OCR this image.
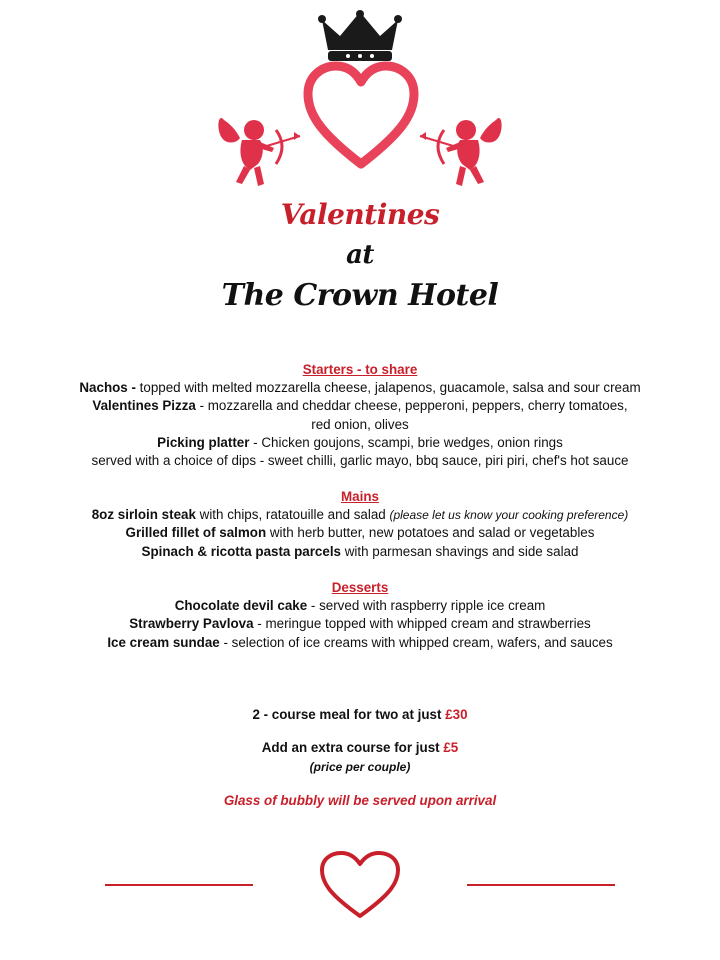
Valentines
at
The Crown Hotel

Starters - to share

Nachos - topped with melted mozzarella cheese, jalapenos, guacamole, salsa and sour cream

Valentines Pizza - mozzarella and cheddar cheese, pepperoni, peppers, cherry tomatoes,

red onion, olives

Picking platter - Chicken goujons, scampi, brie wedges, onion rings

served with a choice of dips - sweet chilli, garlic mayo, bbq sauce, piri piri, chef's hot sauce

Mains

8oz sirloin steak with chips, ratatouille and salad (please let us know your cooking preference)

Grilled fillet of salmon with herb butter, new potatoes and salad or vegetables

Spinach & ricotta pasta parcels with parmesan shavings and side salad

Desserts

Chocolate devil cake - served with raspberry ripple ice cream

Strawberry Pavlova - meringue topped with whipped cream and strawberries

Ice cream sundae - selection of ice creams with whipped cream, wafers, and sauces

2 - course meal for two at just £30
Add an extra course for just £5
(price per couple)
Glass of bubbly will be served upon arrival
